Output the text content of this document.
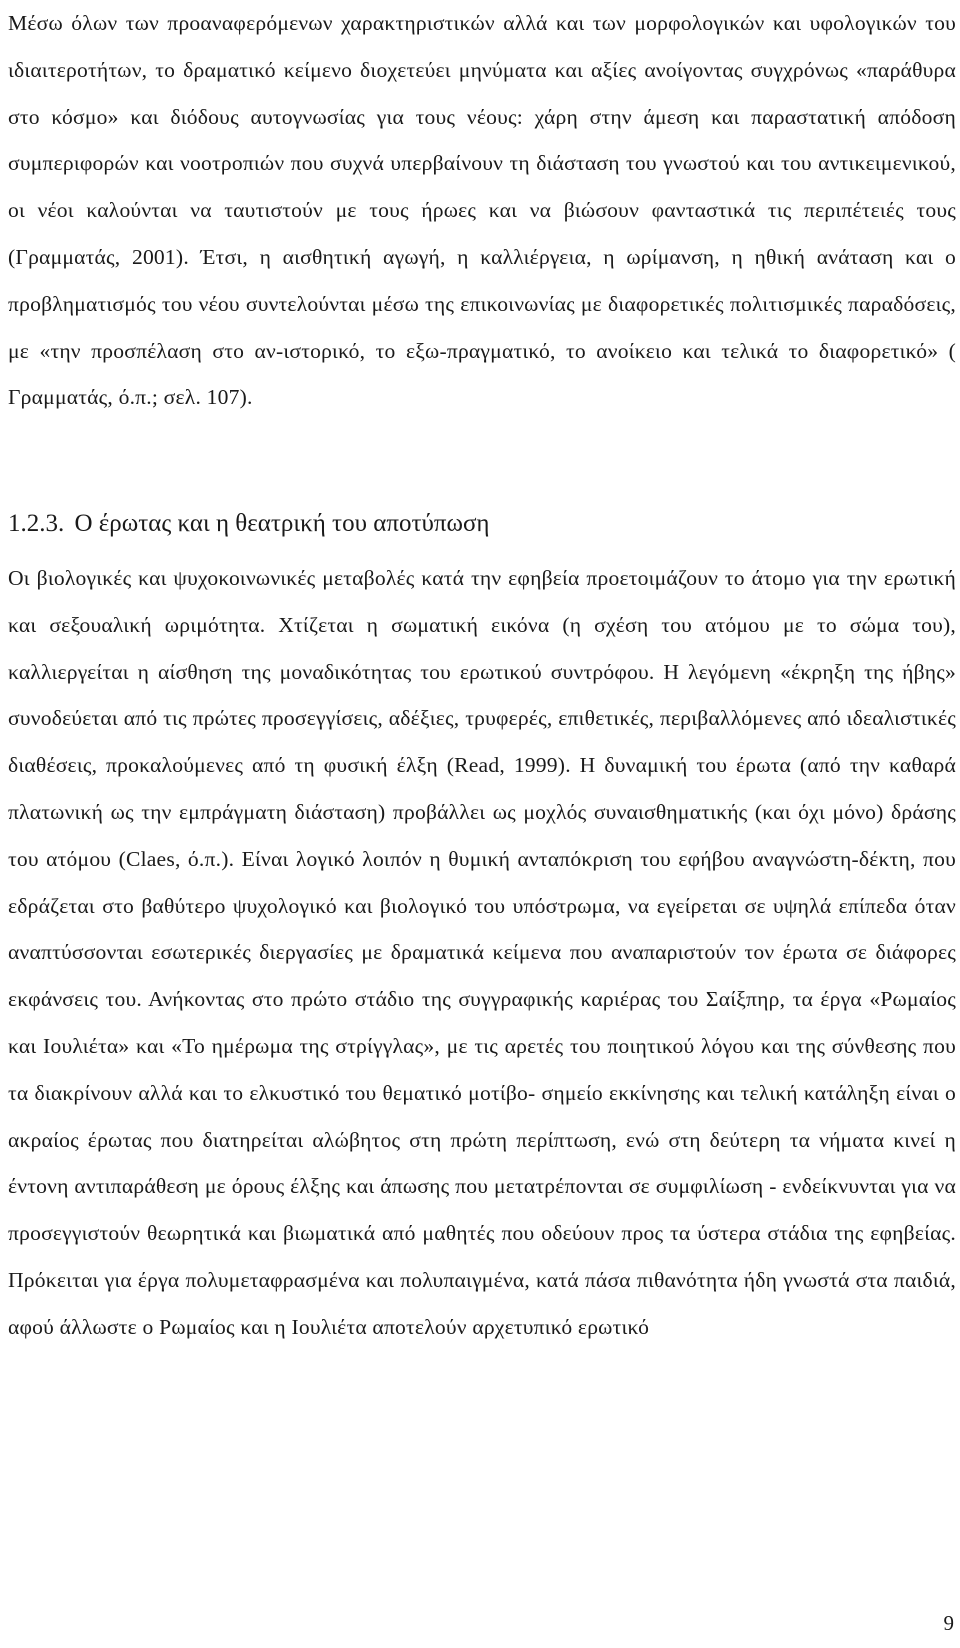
Μέσω όλων των προαναφερόμενων χαρακτηριστικών αλλά και των μορφολογικών και υφολογικών του ιδιαιτεροτήτων, το δραματικό κείμενο διοχετεύει μηνύματα και αξίες ανοίγοντας συγχρόνως «παράθυρα στο κόσμο» και διόδους αυτογνωσίας για τους νέους: χάρη στην άμεση και παραστατική απόδοση συμπεριφορών και νοοτροπιών που συχνά υπερβαίνουν τη διάσταση του γνωστού και του αντικειμενικού, οι νέοι καλούνται να ταυτιστούν με τους ήρωες και να βιώσουν φανταστικά τις περιπέτειές τους (Γραμματάς, 2001). Έτσι, η αισθητική αγωγή, η καλλιέργεια, η ωρίμανση, η ηθική ανάταση και ο προβληματισμός του νέου συντελούνται μέσω της επικοινωνίας με διαφορετικές πολιτισμικές παραδόσεις, με «την προσπέλαση στο αν-ιστορικό, το εξω-πραγματικό, το ανοίκειο και τελικά το διαφορετικό» ( Γραμματάς, ό.π.; σελ. 107).

1.2.3. Ο έρωτας και η θεατρική του αποτύπωση

Οι βιολογικές και ψυχοκοινωνικές μεταβολές κατά την εφηβεία προετοιμάζουν το άτομο για την ερωτική και σεξουαλική ωριμότητα. Χτίζεται η σωματική εικόνα (η σχέση του ατόμου με το σώμα του), καλλιεργείται η αίσθηση της μοναδικότητας του ερωτικού συντρόφου. Η λεγόμενη «έκρηξη της ήβης» συνοδεύεται από τις πρώτες προσεγγίσεις, αδέξιες, τρυφερές, επιθετικές, περιβαλλόμενες από ιδεαλιστικές διαθέσεις, προκαλούμενες από τη φυσική έλξη (Read, 1999). Η δυναμική του έρωτα (από την καθαρά πλατωνική ως την εμπράγματη διάσταση) προβάλλει ως μοχλός συναισθηματικής (και όχι μόνο) δράσης του ατόμου (Claes, ό.π.). Είναι λογικό λοιπόν η θυμική ανταπόκριση του εφήβου αναγνώστη-δέκτη, που εδράζεται στο βαθύτερο ψυχολογικό και βιολογικό του υπόστρωμα, να εγείρεται σε υψηλά επίπεδα όταν αναπτύσσονται εσωτερικές διεργασίες με δραματικά κείμενα που αναπαριστούν τον έρωτα σε διάφορες εκφάνσεις του. Ανήκοντας στο πρώτο στάδιο της συγγραφικής καριέρας του Σαίξπηρ, τα έργα «Ρωμαίος και Ιουλιέτα» και «Το ημέρωμα της στρίγγλας», με τις αρετές του ποιητικού λόγου και της σύνθεσης που τα διακρίνουν αλλά και το ελκυστικό του θεματικό μοτίβο- σημείο εκκίνησης και τελική κατάληξη είναι ο ακραίος έρωτας που διατηρείται αλώβητος στη πρώτη περίπτωση, ενώ στη δεύτερη τα νήματα κινεί η έντονη αντιπαράθεση με όρους έλξης και άπωσης που μετατρέπονται σε συμφιλίωση - ενδείκνυνται για να προσεγγιστούν θεωρητικά και βιωματικά από μαθητές που οδεύουν προς τα ύστερα στάδια της εφηβείας. Πρόκειται για έργα πολυμεταφρασμένα και πολυπαιγμένα, κατά πάσα πιθανότητα ήδη γνωστά στα παιδιά, αφού άλλωστε ο Ρωμαίος και η Ιουλιέτα αποτελούν αρχετυπικό ερωτικό

9
